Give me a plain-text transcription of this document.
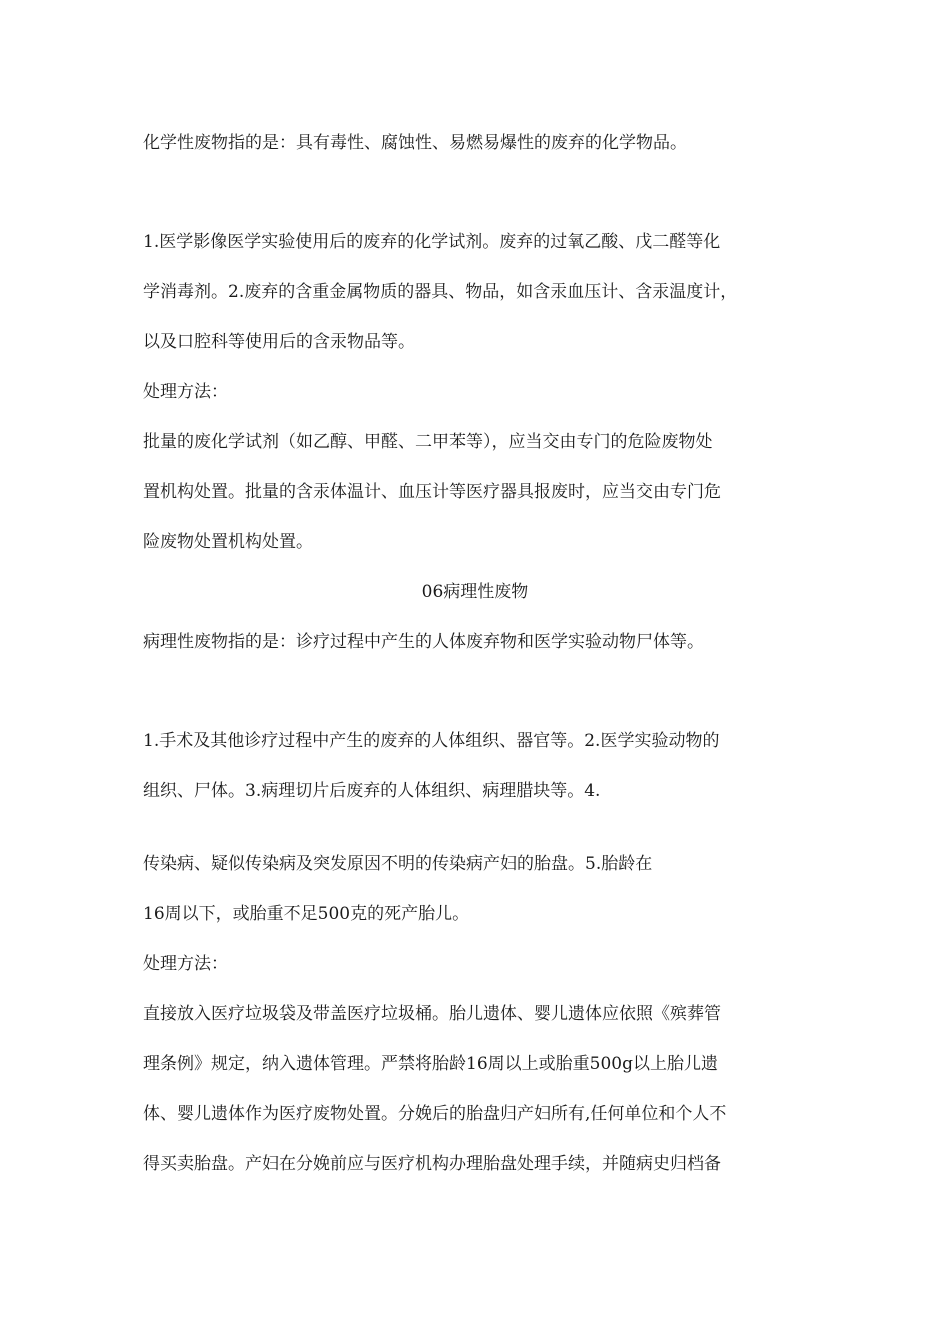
化学性废物指的是：具有毒性、腐蚀性、易燃易爆性的废弃的化学物品。
1.医学影像医学实验使用后的废弃的化学试剂。废弃的过氧乙酸、戊二醛等化
学消毒剂。2.废弃的含重金属物质的器具、物品，如含汞血压计、含汞温度计，
以及口腔科等使用后的含汞物品等。
处理方法：
批量的废化学试剂（如乙醇、甲醛、二甲苯等），应当交由专门的危险废物处
置机构处置。批量的含汞体温计、血压计等医疗器具报废时，应当交由专门危
险废物处置机构处置。
06病理性废物
病理性废物指的是：诊疗过程中产生的人体废弃物和医学实验动物尸体等。
1.手术及其他诊疗过程中产生的废弃的人体组织、器官等。2.医学实验动物的
组织、尸体。3.病理切片后废弃的人体组织、病理腊块等。4.
传染病、疑似传染病及突发原因不明的传染病产妇的胎盘。5.胎龄在
16周以下，或胎重不足500克的死产胎儿。
处理方法：
直接放入医疗垃圾袋及带盖医疗垃圾桶。胎儿遗体、婴儿遗体应依照《殡葬管
理条例》规定，纳入遗体管理。严禁将胎龄16周以上或胎重500g以上胎儿遗
体、婴儿遗体作为医疗废物处置。分娩后的胎盘归产妇所有,任何单位和个人不
得买卖胎盘。产妇在分娩前应与医疗机构办理胎盘处理手续，并随病史归档备
